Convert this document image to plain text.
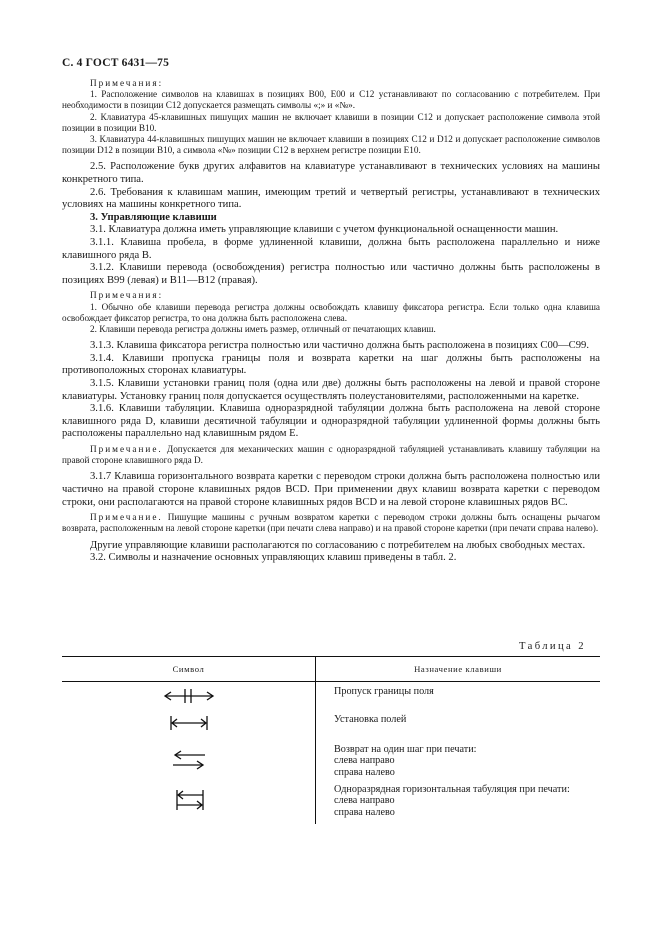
С. 4 ГОСТ 6431—75

Примечания:

1. Расположение символов на клавишах в позициях В00, Е00 и С12 устанавливают по согласованию с потребителем. При необходимости в позиции С12 допускается размещать символы «;» и «№».

2. Клавиатура 45-клавишных пишущих машин не включает клавиши в позиции С12 и допускает расположение символа этой позиции в позиции В10.

3. Клавиатура 44-клавишных пишущих машин не включает клавиши в позициях С12 и D12 и допускает расположение символов позиции D12 в позиции В10, а символа «№» позиции С12 в верхнем регистре позиции Е10.

2.5. Расположение букв других алфавитов на клавиатуре устанавливают в технических условиях на машины конкретного типа.

2.6. Требования к клавишам машин, имеющим третий и четвертый регистры, устанавливают в технических условиях на машины конкретного типа.

3. Управляющие клавиши

3.1. Клавиатура должна иметь управляющие клавиши с учетом функциональной оснащенности машин.

3.1.1. Клавиша пробела, в форме удлиненной клавиши, должна быть расположена параллельно и ниже клавишного ряда В.

3.1.2. Клавиши перевода (освобождения) регистра полностью или частично должны быть расположены в позициях В99 (левая) и В11—В12 (правая).

Примечания:

1. Обычно обе клавиши перевода регистра должны освобождать клавишу фиксатора регистра. Если только одна клавиша освобождает фиксатор регистра, то она должна быть расположена слева.

2. Клавиши перевода регистра должны иметь размер, отличный от печатающих клавиш.

3.1.3. Клавиша фиксатора регистра полностью или частично должна быть расположена в позициях С00—С99.

3.1.4. Клавиши пропуска границы поля и возврата каретки на шаг должны быть расположены на противоположных сторонах клавиатуры.

3.1.5. Клавиши установки границ поля (одна или две) должны быть расположены на левой и правой стороне клавиатуры. Установку границ поля допускается осуществлять полеустановителями, расположенными на каретке.

3.1.6. Клавиши табуляции. Клавиша одноразрядной табуляции должна быть расположена на левой стороне клавишного ряда D, клавиши десятичной табуляции и одноразрядной табуляции удлиненной формы должны быть расположены параллельно над клавишным рядом Е.

Примечание. Допускается для механических машин с одноразрядной табуляцией устанавливать клавишу табуляции на правой стороне клавишного ряда D.

3.1.7 Клавиша горизонтального возврата каретки с переводом строки должна быть расположена полностью или частично на правой стороне клавишных рядов ВСD. При применении двух клавиш возврата каретки с переводом строки, они располагаются на правой стороне клавишных рядов ВСD и на левой стороне клавишных рядов ВС.

Примечание. Пишущие машины с ручным возвратом каретки с переводом строки должны быть оснащены рычагом возврата, расположенным на левой стороне каретки (при печати слева направо) и на правой стороне каретки (при печати справа налево).

Другие управляющие клавиши располагаются по согласованию с потребителем на любых свободных местах.

3.2. Символы и назначение основных управляющих клавиш приведены в табл. 2.

Таблица 2
Символ	Назначение клавиши
Пропуск границы поля
Установка полей
Возврат на один шаг при печати:
слева направо
справа налево
Одноразрядная горизонтальная табуляция при печати:
слева направо
справа налево
